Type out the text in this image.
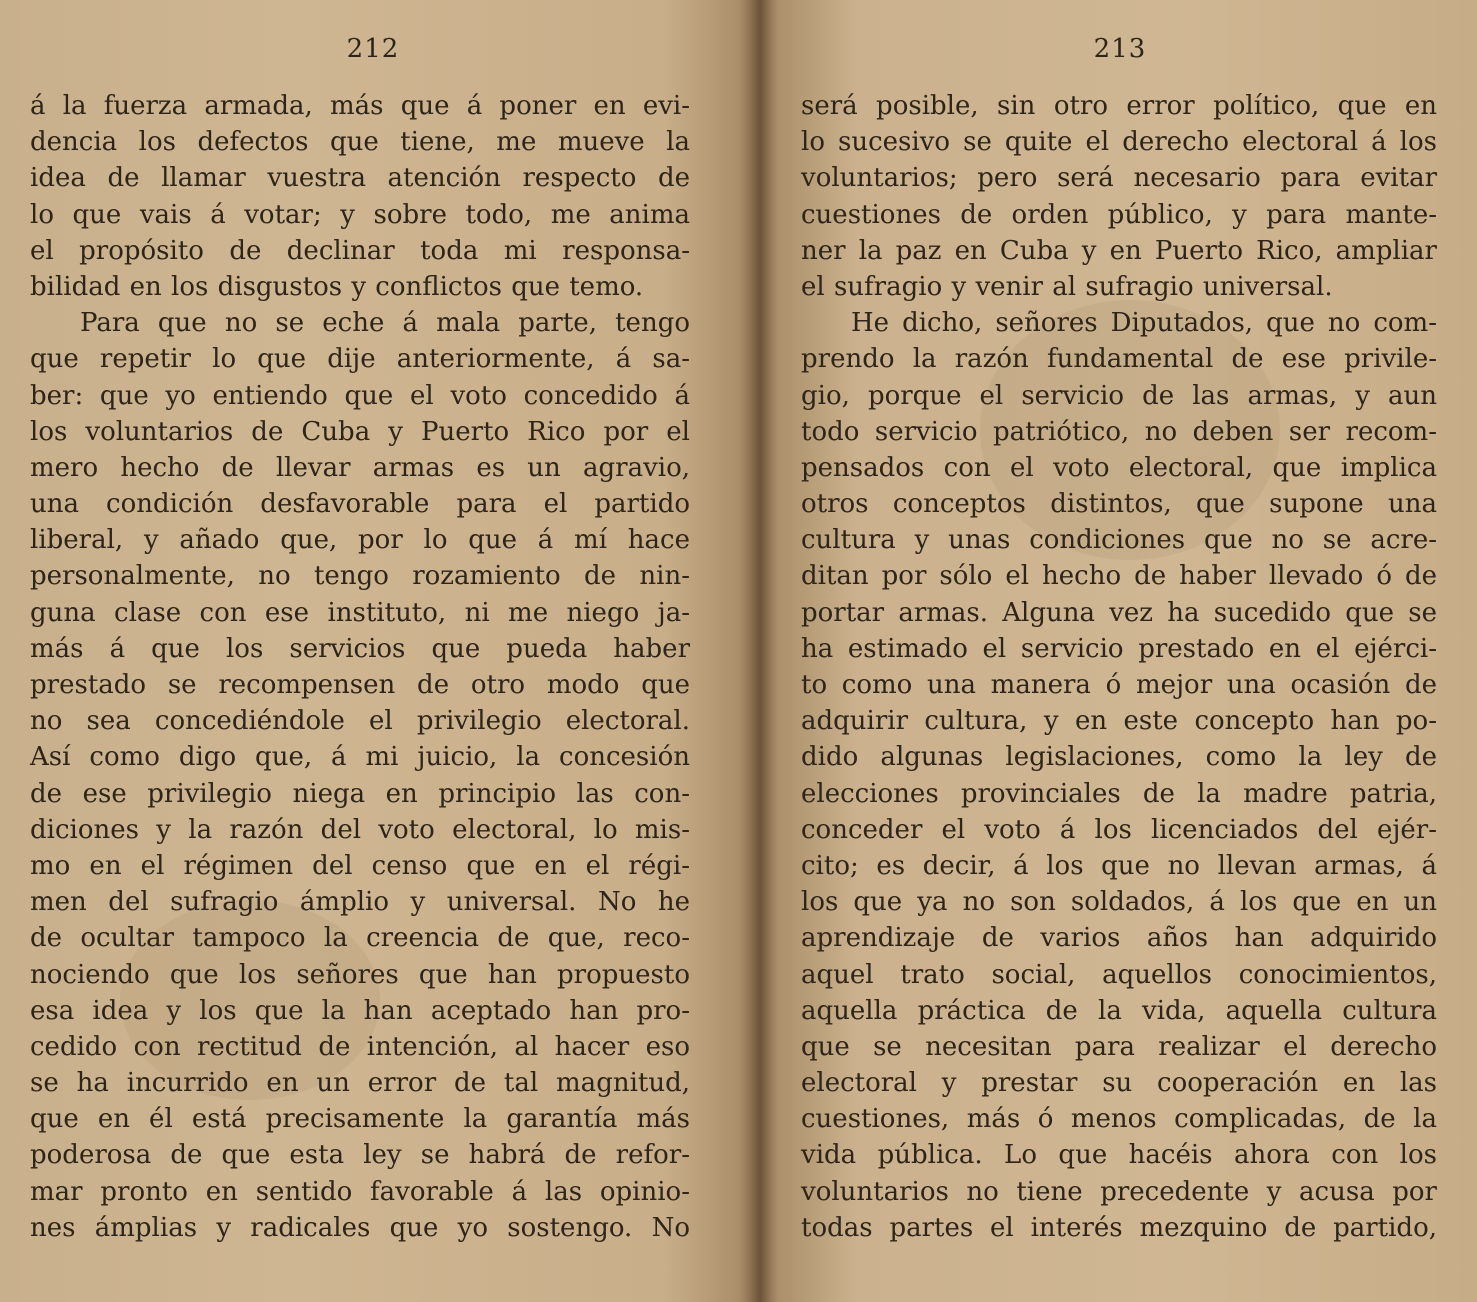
212
á la fuerza armada, más que á poner en evi-
dencia los defectos que tiene, me mueve la
idea de llamar vuestra atención respecto de
lo que vais á votar; y sobre todo, me anima
el propósito de declinar toda mi responsa-
bilidad en los disgustos y conflictos que temo.
Para que no se eche á mala parte, tengo
que repetir lo que dije anteriormente, á sa-
ber: que yo entiendo que el voto concedido á
los voluntarios de Cuba y Puerto Rico por el
mero hecho de llevar armas es un agravio,
una condición desfavorable para el partido
liberal, y añado que, por lo que á mí hace
personalmente, no tengo rozamiento de nin-
guna clase con ese instituto, ni me niego ja-
más á que los servicios que pueda haber
prestado se recompensen de otro modo que
no sea concediéndole el privilegio electoral.
Así como digo que, á mi juicio, la concesión
de ese privilegio niega en principio las con-
diciones y la razón del voto electoral, lo mis-
mo en el régimen del censo que en el régi-
men del sufragio ámplio y universal. No he
de ocultar tampoco la creencia de que, reco-
nociendo que los señores que han propuesto
esa idea y los que la han aceptado han pro-
cedido con rectitud de intención, al hacer eso
se ha incurrido en un error de tal magnitud,
que en él está precisamente la garantía más
poderosa de que esta ley se habrá de refor-
mar pronto en sentido favorable á las opinio-
nes ámplias y radicales que yo sostengo. No
213
será posible, sin otro error político, que en
lo sucesivo se quite el derecho electoral á los
voluntarios; pero será necesario para evitar
cuestiones de orden público, y para mante-
ner la paz en Cuba y en Puerto Rico, ampliar
el sufragio y venir al sufragio universal.
He dicho, señores Diputados, que no com-
prendo la razón fundamental de ese privile-
gio, porque el servicio de las armas, y aun
todo servicio patriótico, no deben ser recom-
pensados con el voto electoral, que implica
otros conceptos distintos, que supone una
cultura y unas condiciones que no se acre-
ditan por sólo el hecho de haber llevado ó de
portar armas. Alguna vez ha sucedido que se
ha estimado el servicio prestado en el ejérci-
to como una manera ó mejor una ocasión de
adquirir cultura, y en este concepto han po-
dido algunas legislaciones, como la ley de
elecciones provinciales de la madre patria,
conceder el voto á los licenciados del ejér-
cito; es decir, á los que no llevan armas, á
los que ya no son soldados, á los que en un
aprendizaje de varios años han adquirido
aquel trato social, aquellos conocimientos,
aquella práctica de la vida, aquella cultura
que se necesitan para realizar el derecho
electoral y prestar su cooperación en las
cuestiones, más ó menos complicadas, de la
vida pública. Lo que hacéis ahora con los
voluntarios no tiene precedente y acusa por
todas partes el interés mezquino de partido,
